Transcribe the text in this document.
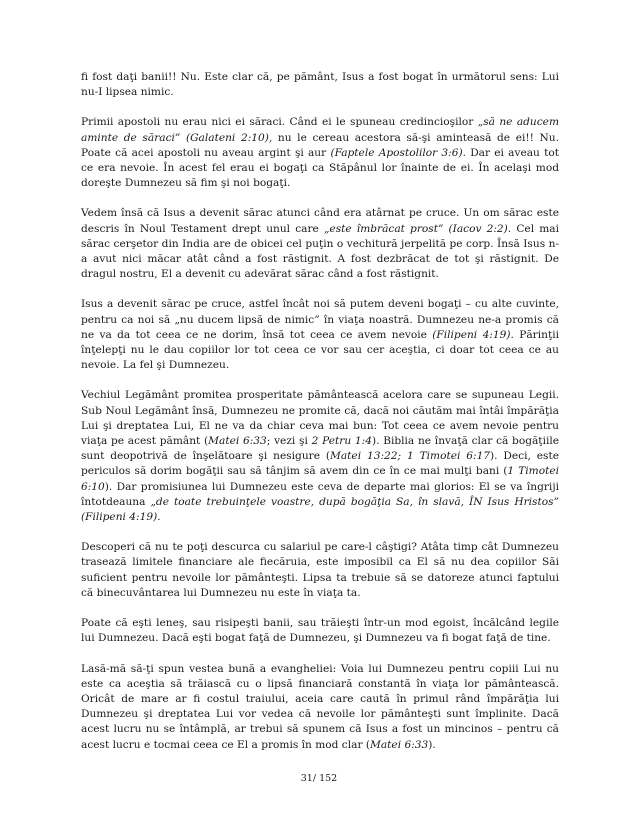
fi fost daţi banii!! Nu. Este clar că, pe pământ, Isus a fost bogat în următorul sens: Lui nu-I lipsea nimic.

Primii apostoli nu erau nici ei săraci. Când ei le spuneau credincioşilor „să ne aducem aminte de săraci” (Galateni 2:10), nu le cereau acestora să-şi aminteasă de ei!! Nu. Poate că acei apostoli nu aveau argint şi aur (Faptele Apostolilor 3:6). Dar ei aveau tot ce era nevoie. În acest fel erau ei bogaţi ca Stăpânul lor înainte de ei. În acelaşi mod doreşte Dumnezeu să fim şi noi bogaţi.

Vedem însă că Isus a devenit sărac atunci când era atârnat pe cruce. Un om sărac este descris în Noul Testament drept unul care „este îmbrăcat prost” (Iacov 2:2). Cel mai sărac cerşetor din India are de obicei cel puţin o vechitură jerpelită pe corp. Însă Isus n-a avut nici măcar atât când a fost răstignit. A fost dezbrăcat de tot şi răstignit. De dragul nostru, El a devenit cu adevărat sărac când a fost răstignit.

Isus a devenit sărac pe cruce, astfel încât noi să putem deveni bogaţi – cu alte cuvinte, pentru ca noi să „nu ducem lipsă de nimic” în viaţa noastră. Dumnezeu ne-a promis că ne va da tot ceea ce ne dorim, însă tot ceea ce avem nevoie (Filipeni 4:19). Părinţii înţelepţi nu le dau copiilor lor tot ceea ce vor sau cer aceştia, ci doar tot ceea ce au nevoie. La fel şi Dumnezeu.

Vechiul Legământ promitea prosperitate pământească acelora care se supuneau Legii. Sub Noul Legământ însă, Dumnezeu ne promite că, dacă noi căutăm mai întâi împărăţia Lui şi dreptatea Lui, El ne va da chiar ceva mai bun: Tot ceea ce avem nevoie pentru viaţa pe acest pământ (Matei 6:33; vezi şi 2 Petru 1:4). Biblia ne învaţă clar că bogăţiile sunt deopotrivă de înşelătoare şi nesigure (Matei 13:22; 1 Timotei 6:17). Deci, este periculos să dorim bogăţii sau să tânjim să avem din ce în ce mai mulţi bani (1 Timotei 6:10). Dar promisiunea lui Dumnezeu este ceva de departe mai glorios: El se va îngriji întotdeauna „de toate trebuinţele voastre, după bogăţia Sa, în slavă, ÎN Isus Hristos” (Filipeni 4:19).

Descoperi că nu te poţi descurca cu salariul pe care-l câştigi? Atâta timp cât Dumnezeu trasează limitele financiare ale fiecăruia, este imposibil ca El să nu dea copiilor Săi suficient pentru nevoile lor pământeşti. Lipsa ta trebuie să se datoreze atunci faptului că binecuvântarea lui Dumnezeu nu este în viaţa ta.

Poate că eşti leneş, sau risipeşti banii, sau trăieşti într-un mod egoist, încălcând legile lui Dumnezeu. Dacă eşti bogat faţă de Dumnezeu, şi Dumnezeu va fi bogat faţă de tine.

Lasă-mă să-ţi spun vestea bună a evangheliei: Voia lui Dumnezeu pentru copiii Lui nu este ca aceştia să trăiască cu o lipsă financiară constantă în viaţa lor pământească. Oricât de mare ar fi costul traiului, aceia care caută în primul rând împărăţia lui Dumnezeu şi dreptatea Lui vor vedea că nevoile lor pământeşti sunt împlinite. Dacă acest lucru nu se întâmplă, ar trebui să spunem că Isus a fost un mincinos – pentru că acest lucru e tocmai ceea ce El a promis în mod clar (Matei 6:33).

31/ 152
